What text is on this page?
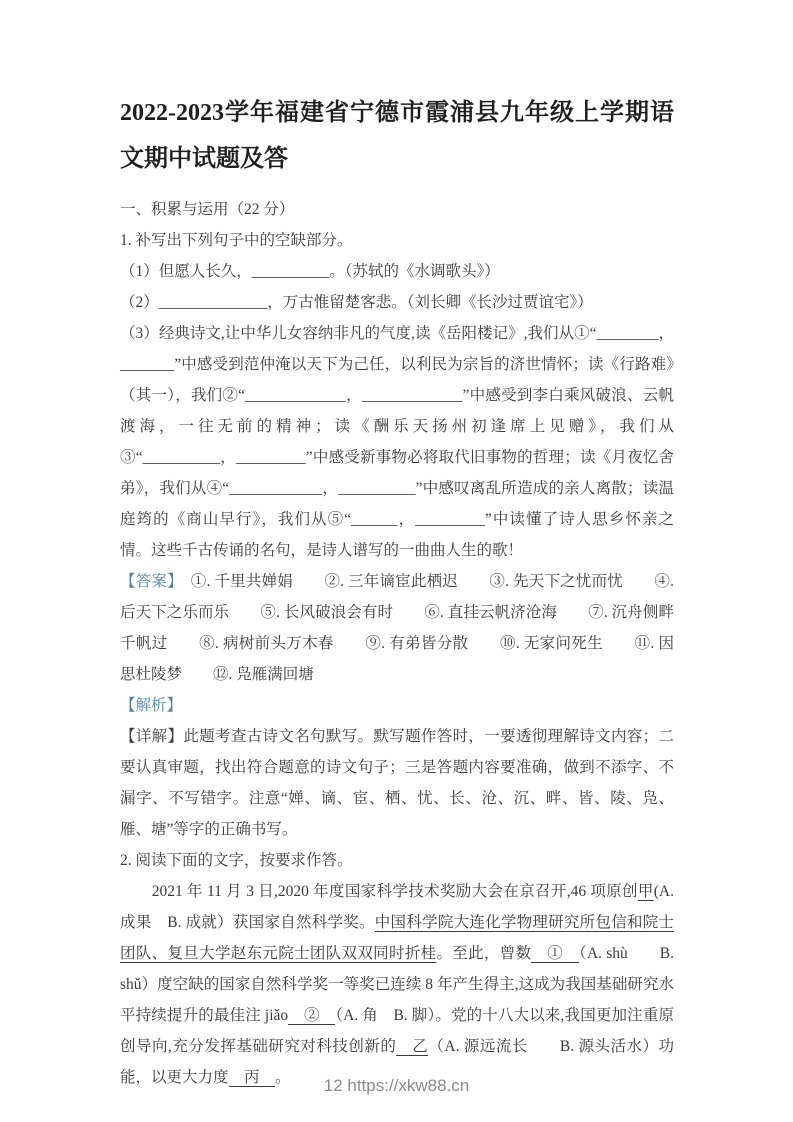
2022-2023学年福建省宁德市霞浦县九年级上学期语文期中试题及答

一、积累与运用（22 分）

1. 补写出下列句子中的空缺部分。

（1）但愿人长久，__________。（苏轼的《水调歌头》）

（2）______________，万古惟留楚客悲。（刘长卿《长沙过贾谊宅》）

（3）经典诗文,让中华儿女容纳非凡的气度,读《岳阳楼记》,我们从①“________，_______”中感受到范仲淹以天下为己任，以利民为宗旨的济世情怀；读《行路难》（其一），我们②“_____________，_____________”中感受到李白乘风破浪、云帆渡海，一往无前的精神；读《酬乐天扬州初逢席上见赠》，我们从③“__________，_________”中感受新事物必将取代旧事物的哲理；读《月夜忆舍弟》，我们从④“____________，__________”中感叹离乱所造成的亲人离散；读温庭筠的《商山早行》，我们从⑤“______，_________”中读懂了诗人思乡怀亲之情。这些千古传诵的名句，是诗人谱写的一曲曲人生的歌！

【答案】　①. 千里共婵娟　　②. 三年谪宦此栖迟　　③. 先天下之忧而忧　　④. 后天下之乐而乐　　⑤. 长风破浪会有时　　⑥. 直挂云帆济沧海　　⑦. 沉舟侧畔千帆过　　⑧. 病树前头万木春　　⑨. 有弟皆分散　　⑩. 无家问死生　　⑪. 因思杜陵梦　　⑫. 凫雁满回塘

【解析】

【详解】此题考查古诗文名句默写。默写题作答时，一要透彻理解诗文内容；二要认真审题，找出符合题意的诗文句子；三是答题内容要准确，做到不添字、不漏字、不写错字。注意“婵、谪、宦、栖、忧、长、沧、沉、畔、皆、陵、凫、雁、塘”等字的正确书写。

2. 阅读下面的文字，按要求作答。

　　2021 年 11 月 3 日,2020 年度国家科学技术奖励大会在京召开,46 项原创甲(A. 成果　B. 成就）获国家自然科学奖。中国科学院大连化学物理研究所包信和院士团队、复旦大学赵东元院士团队双双同时折桂。至此，曾数 ·　①　（A. shù　　B. shǔ）度空缺的国家自然科学奖一等奖已连续 8 年产生得主,这成为我国基础研究水平持续提升的最佳注 jiǎo　②　（A. 角　B. 脚）。党的十八大以来,我国更加注重原创导向,充分发挥基础研究对科技创新的　乙（A. 源远流长　　B. 源头活水）功能，以更大力度　丙　。	12 https://xkw88.cn
